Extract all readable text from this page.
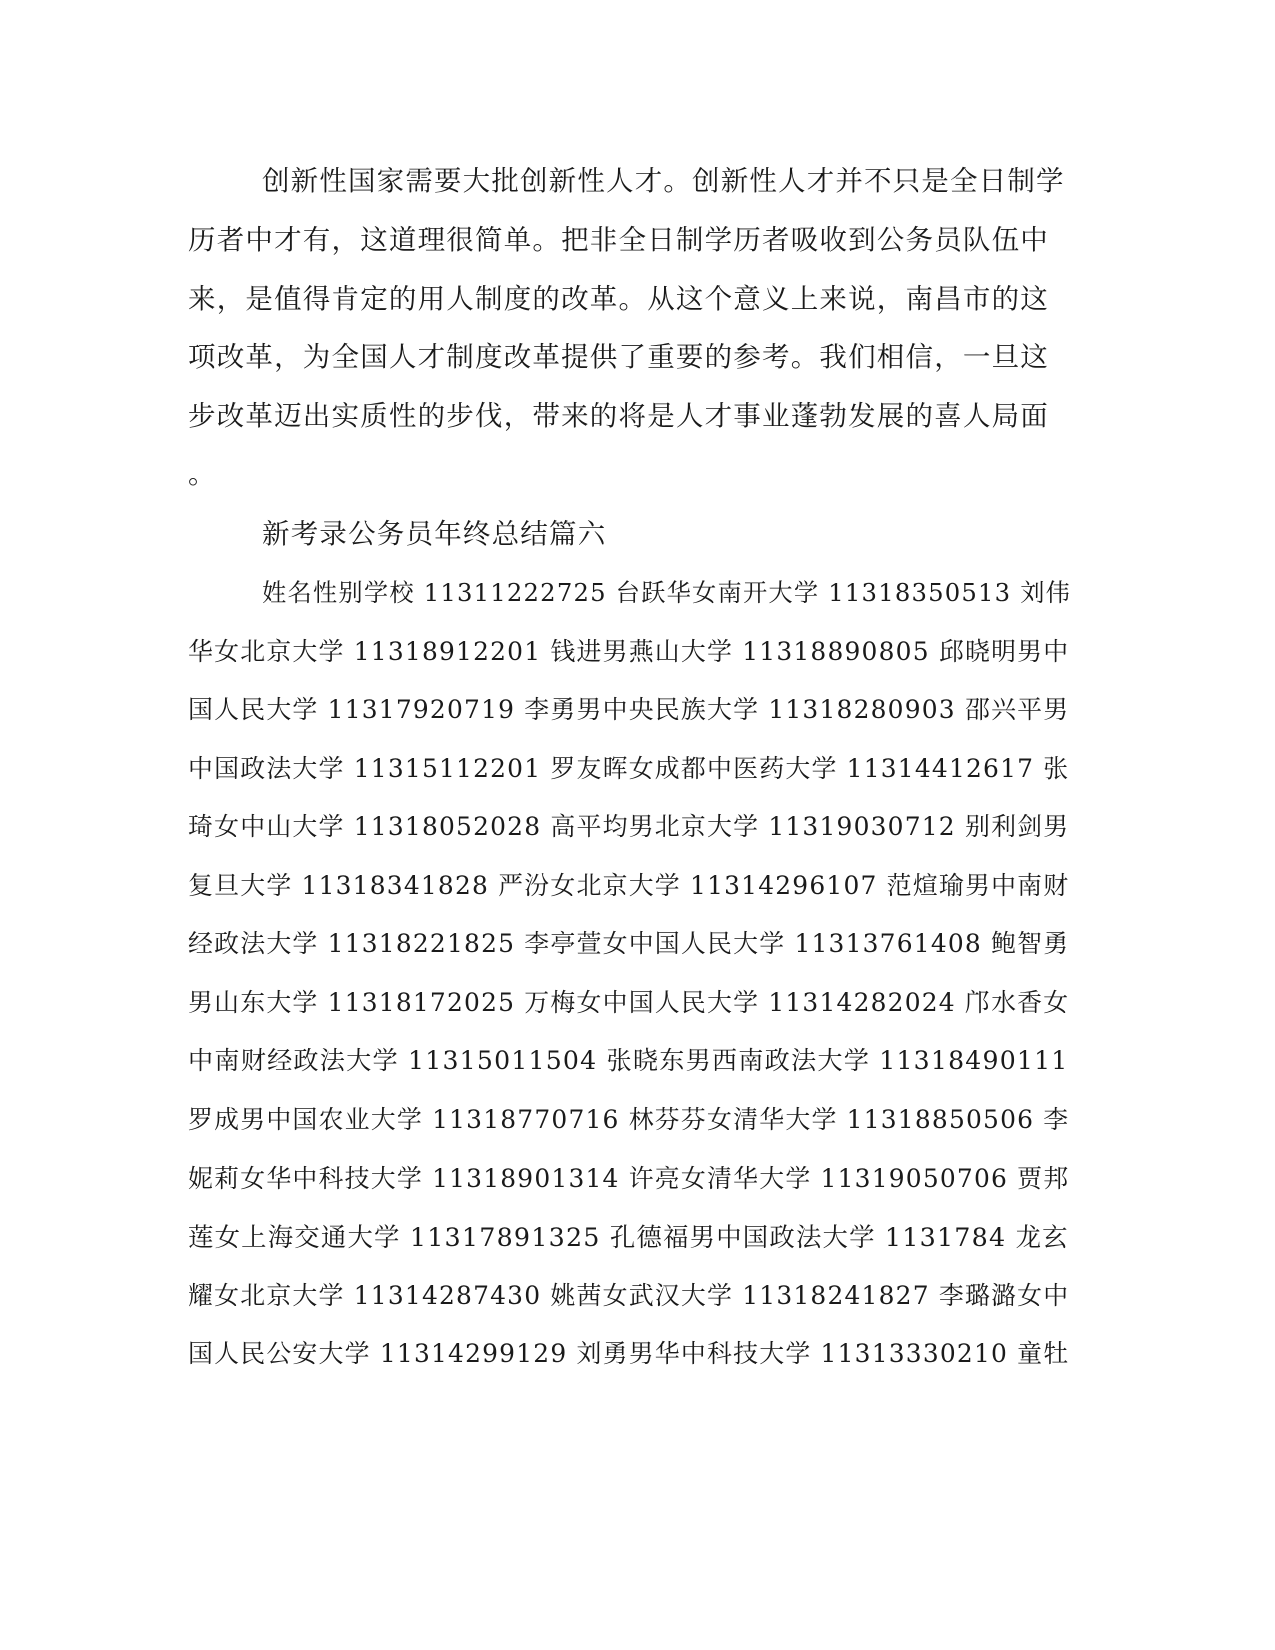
创新性国家需要大批创新性人才。创新性人才并不只是全日制学
历者中才有，这道理很简单。把非全日制学历者吸收到公务员队伍中
来，是值得肯定的用人制度的改革。从这个意义上来说，南昌市的这
项改革，为全国人才制度改革提供了重要的参考。我们相信，一旦这
步改革迈出实质性的步伐，带来的将是人才事业蓬勃发展的喜人局面
。
新考录公务员年终总结篇六
姓名性别学校 11311222725 台跃华女南开大学 11318350513 刘伟
华女北京大学 11318912201 钱进男燕山大学 11318890805 邱晓明男中
国人民大学 11317920719 李勇男中央民族大学 11318280903 邵兴平男
中国政法大学 11315112201 罗友晖女成都中医药大学 11314412617 张
琦女中山大学 11318052028 高平均男北京大学 11319030712 别利剑男
复旦大学 11318341828 严汾女北京大学 11314296107 范煊瑜男中南财
经政法大学 11318221825 李亭萱女中国人民大学 11313761408 鲍智勇
男山东大学 11318172025 万梅女中国人民大学 11314282024 邝水香女
中南财经政法大学 11315011504 张晓东男西南政法大学 11318490111
罗成男中国农业大学 11318770716 林芬芬女清华大学 11318850506 李
妮莉女华中科技大学 11318901314 许亮女清华大学 11319050706 贾邦
莲女上海交通大学 11317891325 孔德福男中国政法大学 1131784 龙玄
耀女北京大学 11314287430 姚茜女武汉大学 11318241827 李璐潞女中
国人民公安大学 11314299129 刘勇男华中科技大学 11313330210 童牡
